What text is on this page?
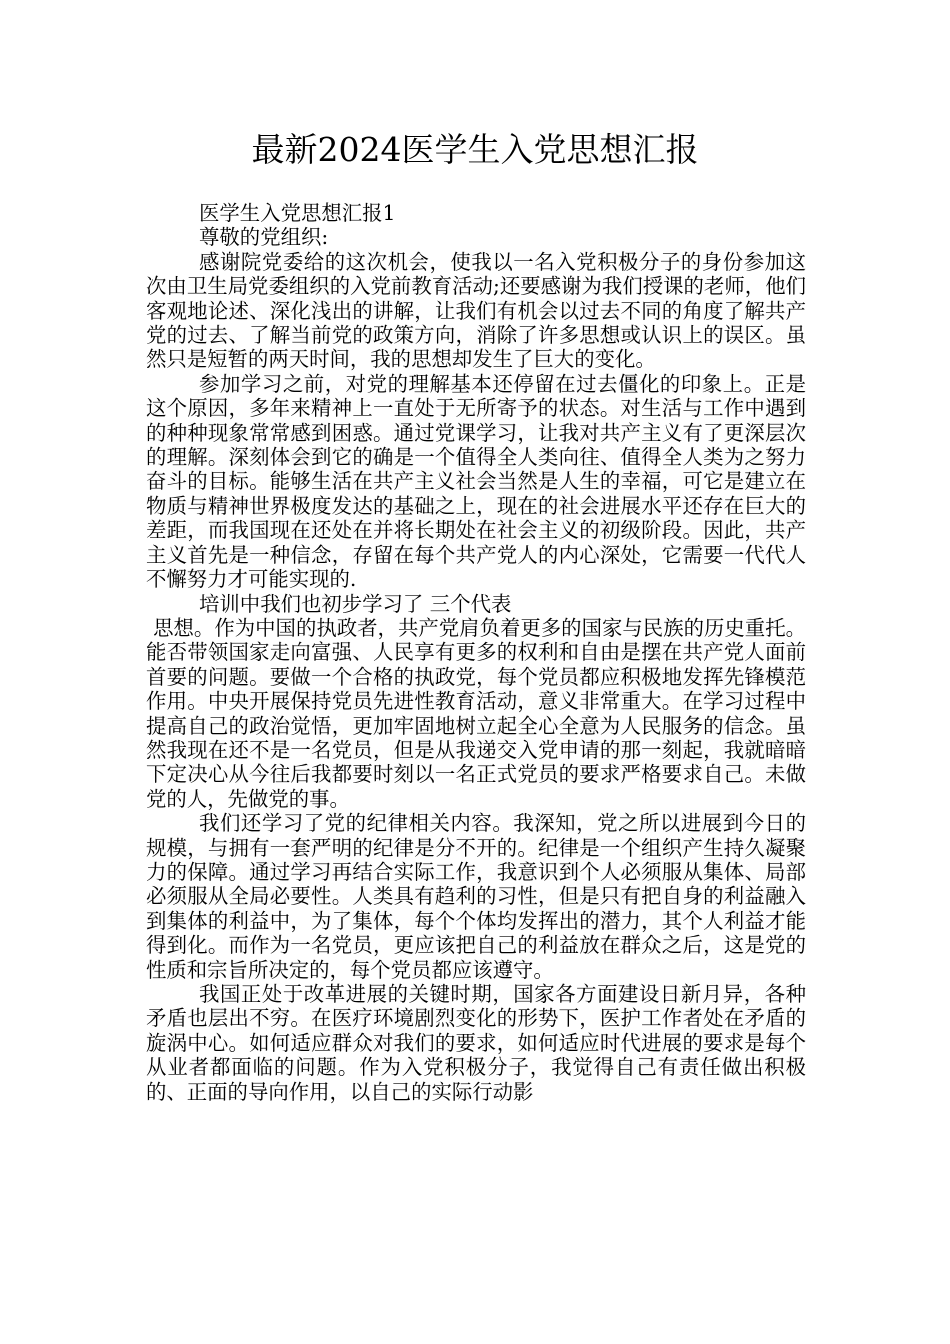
最新2024医学生入党思想汇报

医学生入党思想汇报1

尊敬的党组织:

感谢院党委给的这次机会，使我以一名入党积极分子的身份参加这次由卫生局党委组织的入党前教育活动;还要感谢为我们授课的老师，他们客观地论述、深化浅出的讲解，让我们有机会以过去不同的角度了解共产党的过去、了解当前党的政策方向，消除了许多思想或认识上的误区。虽然只是短暂的两天时间，我的思想却发生了巨大的变化。

参加学习之前，对党的理解基本还停留在过去僵化的印象上。正是这个原因，多年来精神上一直处于无所寄予的状态。对生活与工作中遇到的种种现象常常感到困惑。通过党课学习，让我对共产主义有了更深层次的理解。深刻体会到它的确是一个值得全人类向往、值得全人类为之努力奋斗的目标。能够生活在共产主义社会当然是人生的幸福，可它是建立在物质与精神世界极度发达的基础之上，现在的社会进展水平还存在巨大的差距，而我国现在还处在并将长期处在社会主义的初级阶段。因此，共产主义首先是一种信念，存留在每个共产党人的内心深处，它需要一代代人不懈努力才可能实现的.

培训中我们也初步学习了 三个代表

思想。作为中国的执政者，共产党肩负着更多的国家与民族的历史重托。能否带领国家走向富强、人民享有更多的权利和自由是摆在共产党人面前首要的问题。要做一个合格的执政党，每个党员都应积极地发挥先锋模范作用。中央开展保持党员先进性教育活动，意义非常重大。在学习过程中提高自己的政治觉悟，更加牢固地树立起全心全意为人民服务的信念。虽然我现在还不是一名党员，但是从我递交入党申请的那一刻起，我就暗暗下定决心从今往后我都要时刻以一名正式党员的要求严格要求自己。未做党的人，先做党的事。

我们还学习了党的纪律相关内容。我深知，党之所以进展到今日的规模，与拥有一套严明的纪律是分不开的。纪律是一个组织产生持久凝聚力的保障。通过学习再结合实际工作，我意识到个人必须服从集体、局部必须服从全局必要性。人类具有趋利的习性，但是只有把自身的利益融入到集体的利益中，为了集体，每个个体均发挥出的潜力，其个人利益才能得到化。而作为一名党员，更应该把自己的利益放在群众之后，这是党的性质和宗旨所决定的，每个党员都应该遵守。

我国正处于改革进展的关键时期，国家各方面建设日新月异，各种矛盾也层出不穷。在医疗环境剧烈变化的形势下，医护工作者处在矛盾的旋涡中心。如何适应群众对我们的要求，如何适应时代进展的要求是每个从业者都面临的问题。作为入党积极分子，我觉得自己有责任做出积极的、正面的导向作用，以自己的实际行动影
